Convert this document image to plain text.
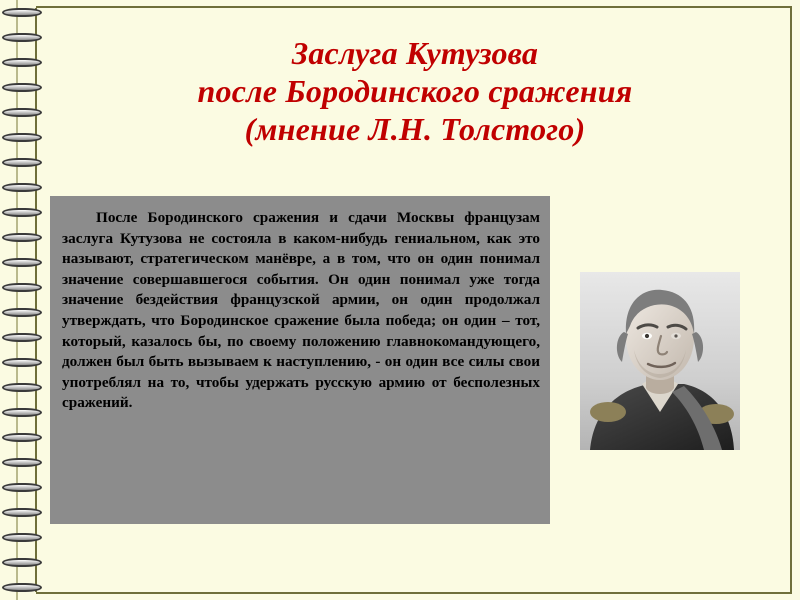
Заслуга Кутузова
после Бородинского сражения
(мнение Л.Н. Толстого)

После Бородинского сражения и сдачи Москвы французам заслуга Кутузова не состояла в каком-нибудь гениальном, как это называют, стратегическом манёвре, а в том, что он один понимал значение совершавшегося события. Он один понимал уже тогда значение бездействия французской армии, он один продолжал утверждать, что Бородинское сражение была победа; он один – тот, который, казалось бы, по своему положению главнокомандующего, должен был быть вызываем к наступлению, - он один все силы свои употреблял на то, чтобы удержать русскую армию от бесполезных сражений.
